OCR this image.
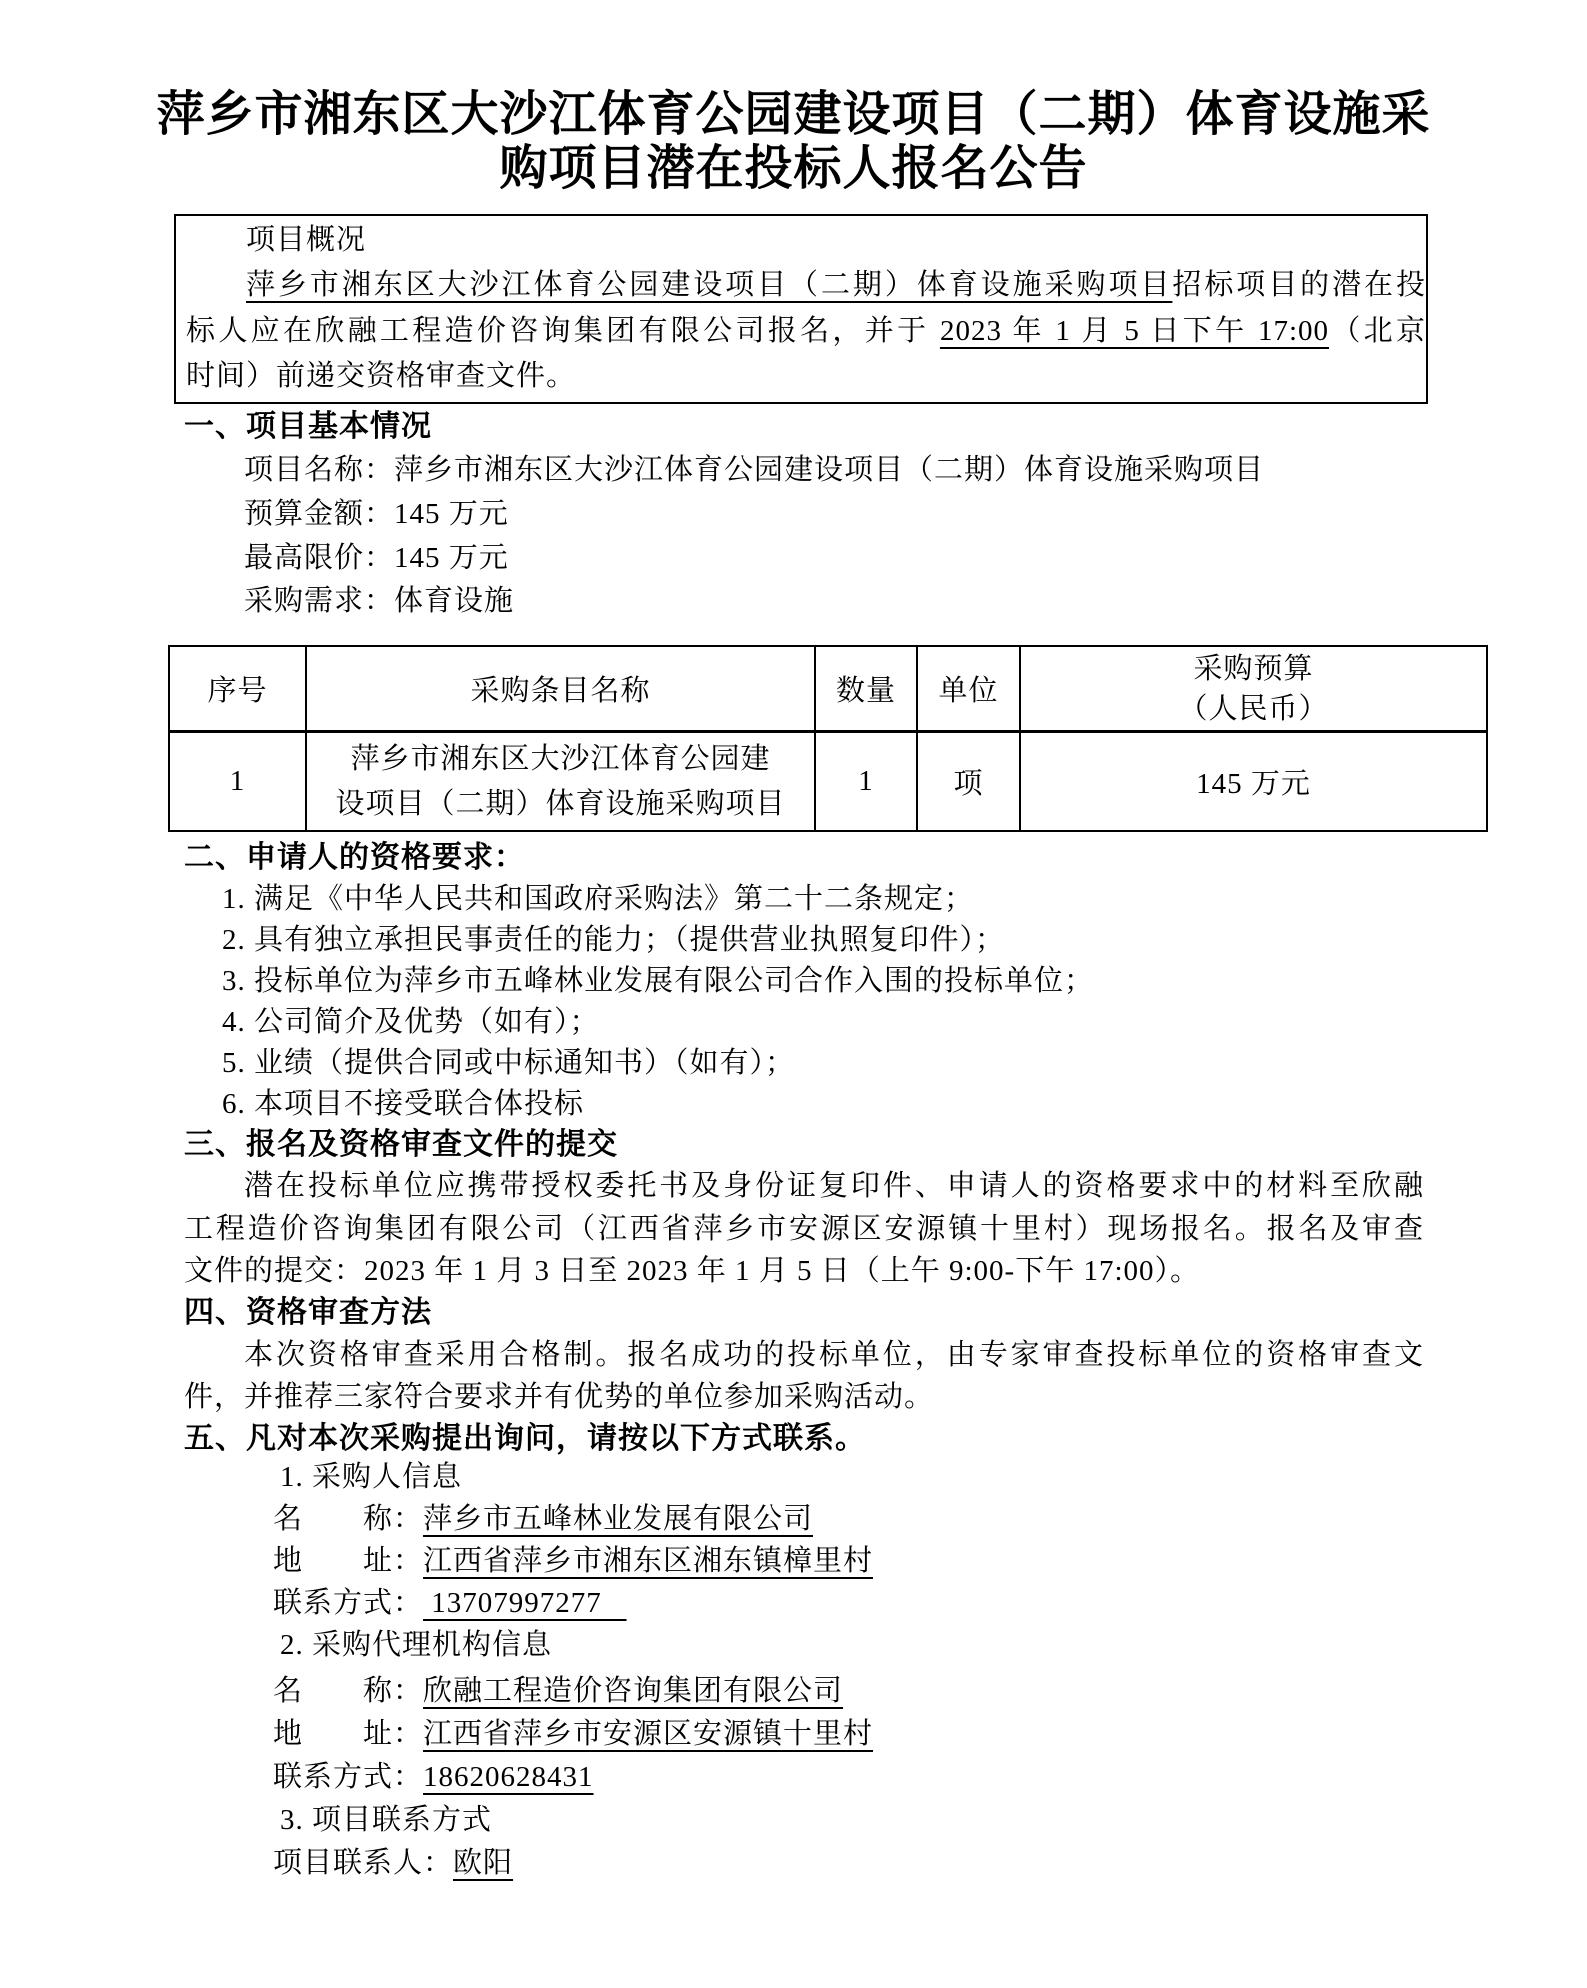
萍乡市湘东区大沙江体育公园建设项目（二期）体育设施采
购项目潜在投标人报名公告
项目概况
萍乡市湘东区大沙江体育公园建设项目（二期）体育设施采购项目招标项目的潜在投
标人应在欣融工程造价咨询集团有限公司报名，并于 2023 年 1 月 5 日下午 17:00（北京
时间）前递交资格审查文件。
一、项目基本情况
项目名称：萍乡市湘东区大沙江体育公园建设项目（二期）体育设施采购项目
预算金额：145 万元
最高限价：145 万元
采购需求：体育设施
序号	采购条目名称	数量	单位	采购预算
（人民币）

1	萍乡市湘东区大沙江体育公园建
设项目（二期）体育设施采购项目	1	项	145 万元
二、申请人的资格要求：
1. 满足《中华人民共和国政府采购法》第二十二条规定；
2. 具有独立承担民事责任的能力；（提供营业执照复印件）；
3. 投标单位为萍乡市五峰林业发展有限公司合作入围的投标单位；
4. 公司简介及优势（如有）；
5. 业绩（提供合同或中标通知书）（如有）；
6. 本项目不接受联合体投标
三、报名及资格审查文件的提交
潜在投标单位应携带授权委托书及身份证复印件、申请人的资格要求中的材料至欣融
工程造价咨询集团有限公司（江西省萍乡市安源区安源镇十里村）现场报名。报名及审查
文件的提交：2023 年 1 月 3 日至 2023 年 1 月 5 日（上午 9:00-下午 17:00）。
四、资格审查方法
本次资格审查采用合格制。报名成功的投标单位，由专家审查投标单位的资格审查文
件，并推荐三家符合要求并有优势的单位参加采购活动。
五、凡对本次采购提出询问，请按以下方式联系。
1. 采购人信息
名　　称：萍乡市五峰林业发展有限公司
地　　址：江西省萍乡市湘东区湘东镇樟里村
联系方式： 13707997277
2. 采购代理机构信息
名　　称：欣融工程造价咨询集团有限公司
地　　址：江西省萍乡市安源区安源镇十里村
联系方式：18620628431
3. 项目联系方式
项目联系人：欧阳
